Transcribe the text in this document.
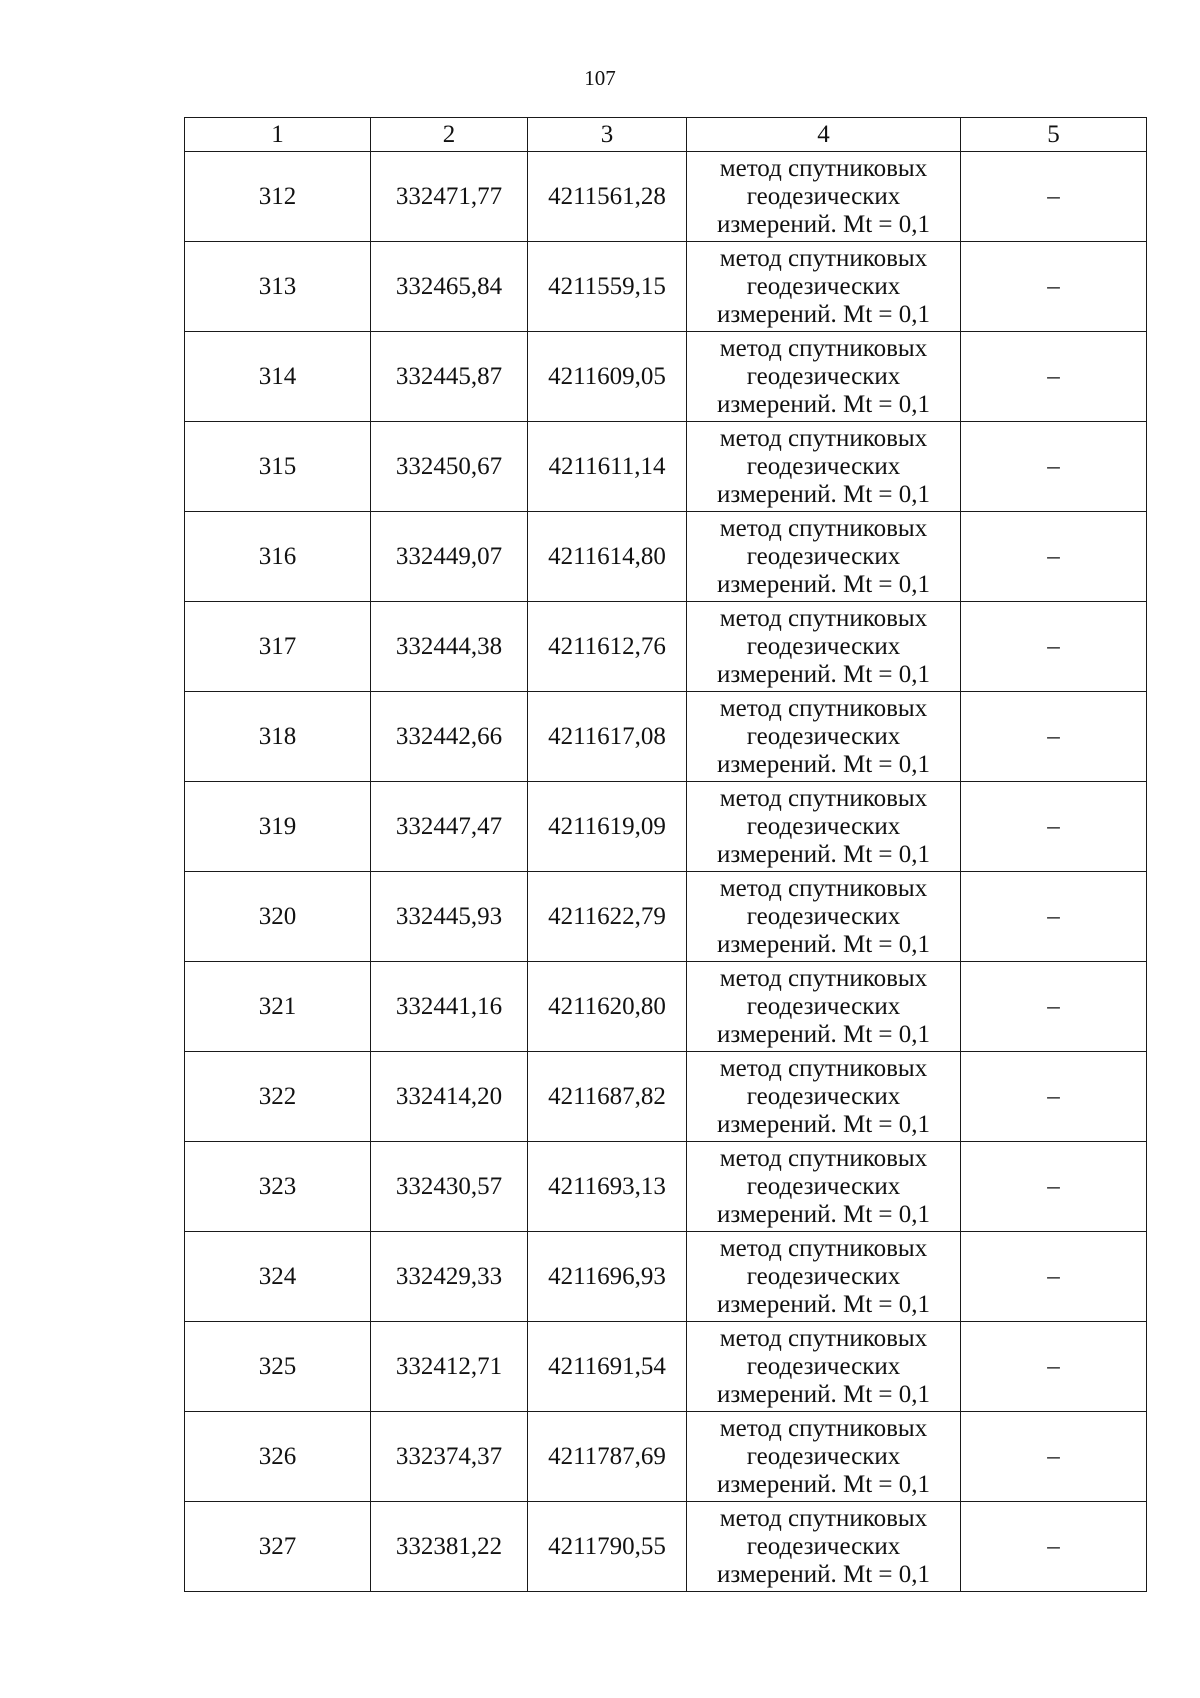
107
1	2	3	4	5
312	332471,77	4211561,28	метод спутниковых
геодезических
измерений. Mt = 0,1	–
313	332465,84	4211559,15	метод спутниковых
геодезических
измерений. Mt = 0,1	–
314	332445,87	4211609,05	метод спутниковых
геодезических
измерений. Mt = 0,1	–
315	332450,67	4211611,14	метод спутниковых
геодезических
измерений. Mt = 0,1	–
316	332449,07	4211614,80	метод спутниковых
геодезических
измерений. Mt = 0,1	–
317	332444,38	4211612,76	метод спутниковых
геодезических
измерений. Mt = 0,1	–
318	332442,66	4211617,08	метод спутниковых
геодезических
измерений. Mt = 0,1	–
319	332447,47	4211619,09	метод спутниковых
геодезических
измерений. Mt = 0,1	–
320	332445,93	4211622,79	метод спутниковых
геодезических
измерений. Mt = 0,1	–
321	332441,16	4211620,80	метод спутниковых
геодезических
измерений. Mt = 0,1	–
322	332414,20	4211687,82	метод спутниковых
геодезических
измерений. Mt = 0,1	–
323	332430,57	4211693,13	метод спутниковых
геодезических
измерений. Mt = 0,1	–
324	332429,33	4211696,93	метод спутниковых
геодезических
измерений. Mt = 0,1	–
325	332412,71	4211691,54	метод спутниковых
геодезических
измерений. Mt = 0,1	–
326	332374,37	4211787,69	метод спутниковых
геодезических
измерений. Mt = 0,1	–
327	332381,22	4211790,55	метод спутниковых
геодезических
измерений. Mt = 0,1	–
